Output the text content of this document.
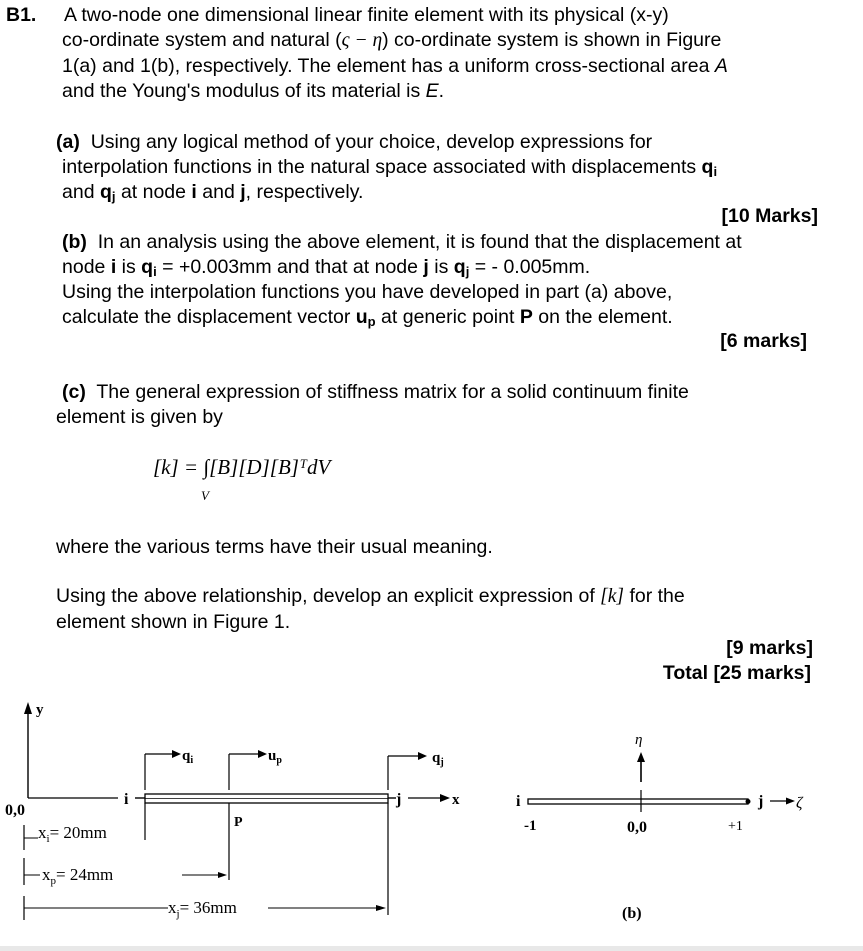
B1. A two-node one dimensional linear finite element with its physical (x-y)
co-ordinate system and natural (ς − η) co-ordinate system is shown in Figure
1(a) and 1(b), respectively. The element has a uniform cross-sectional area A
and the Young's modulus of its material is E.
(a) Using any logical method of your choice, develop expressions for
interpolation functions in the natural space associated with displacements $q_i$
and $q_j$ at node i and j, respectively.
[10 Marks]
(b) In an analysis using the above element, it is found that the displacement at
node i is $q_i = +0.003mm$ and that at node j is $q_j$ = - 0.005mm.
Using the interpolation functions you have developed in part (a) above,
calculate the displacement vector $u_p$ at generic point P on the element.
[6 marks]
(c) The general expression of stiffness matrix for a solid continuum finite
element is given by
[k] = ∫[B][D][B]ᵀdV
V
where the various terms have their usual meaning.
Using the above relationship, develop an explicit expression of [k] for the
element shown in Figure 1.
[9 marks]
Total [25 marks]
y
0,0
i	j	x
$q_i$	$u_p$	$q_j$
P
$x_i= 20mm$
$x_p= 24mm$
$x_j= 36mm$
η
i	j ζ
-1	0,0	+1
(b)
